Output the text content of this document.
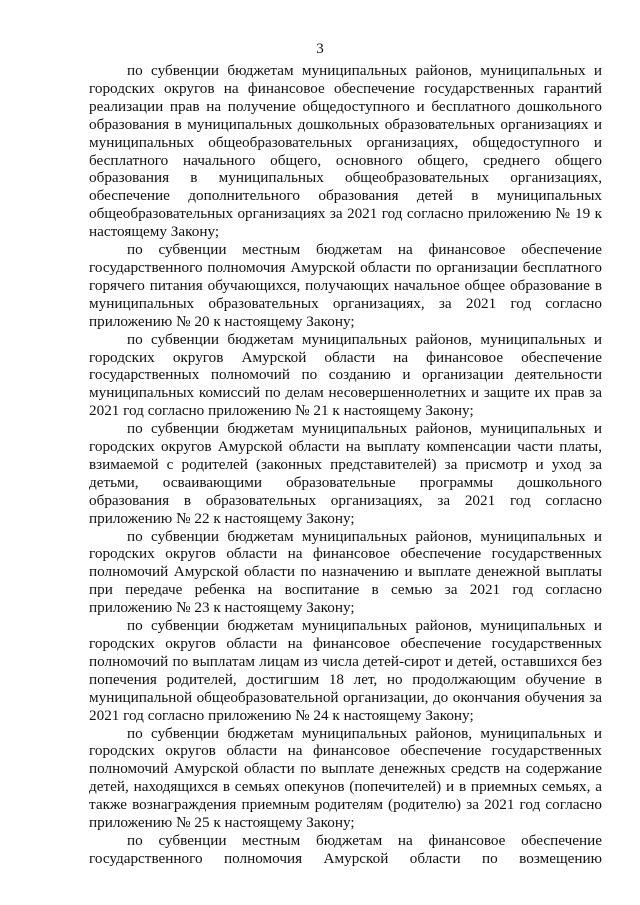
3

по субвенции бюджетам муниципальных районов, муниципальных и городских округов на финансовое обеспечение государственных гарантий реализации прав на получение общедоступного и бесплатного дошкольного образования в муниципальных дошкольных образовательных организациях и муниципальных общеобразовательных организациях, общедоступного и бесплатного начального общего, основного общего, среднего общего образования в муниципальных общеобразовательных организациях, обеспечение дополнительного образования детей в муниципальных общеобразовательных организациях за 2021 год согласно приложению № 19 к настоящему Закону;

по субвенции местным бюджетам на финансовое обеспечение государственного полномочия Амурской области по организации бесплатного горячего питания обучающихся, получающих начальное общее образование в муниципальных образовательных организациях, за 2021 год согласно приложению № 20 к настоящему Закону;

по субвенции бюджетам муниципальных районов, муниципальных и городских округов Амурской области на финансовое обеспечение государственных полномочий по созданию и организации деятельности муниципальных комиссий по делам несовершеннолетних и защите их прав за 2021 год согласно приложению № 21 к настоящему Закону;

по субвенции бюджетам муниципальных районов, муниципальных и городских округов Амурской области на выплату компенсации части платы, взимаемой с родителей (законных представителей) за присмотр и уход за детьми, осваивающими образовательные программы дошкольного образования в образовательных организациях, за 2021 год согласно приложению № 22 к настоящему Закону;

по субвенции бюджетам муниципальных районов, муниципальных и городских округов области на финансовое обеспечение государственных полномочий Амурской области по назначению и выплате денежной выплаты при передаче ребенка на воспитание в семью за 2021 год согласно приложению № 23 к настоящему Закону;

по субвенции бюджетам муниципальных районов, муниципальных и городских округов области на финансовое обеспечение государственных полномочий по выплатам лицам из числа детей-сирот и детей, оставшихся без попечения родителей, достигшим 18 лет, но продолжающим обучение в муниципальной общеобразовательной организации, до окончания обучения за 2021 год согласно приложению № 24 к настоящему Закону;

по субвенции бюджетам муниципальных районов, муниципальных и городских округов области на финансовое обеспечение государственных полномочий Амурской области по выплате денежных средств на содержание детей, находящихся в семьях опекунов (попечителей) и в приемных семьях, а также вознаграждения приемным родителям (родителю) за 2021 год согласно приложению № 25 к настоящему Закону;

по субвенции местным бюджетам на финансовое обеспечение государственного полномочия Амурской области по возмещению
